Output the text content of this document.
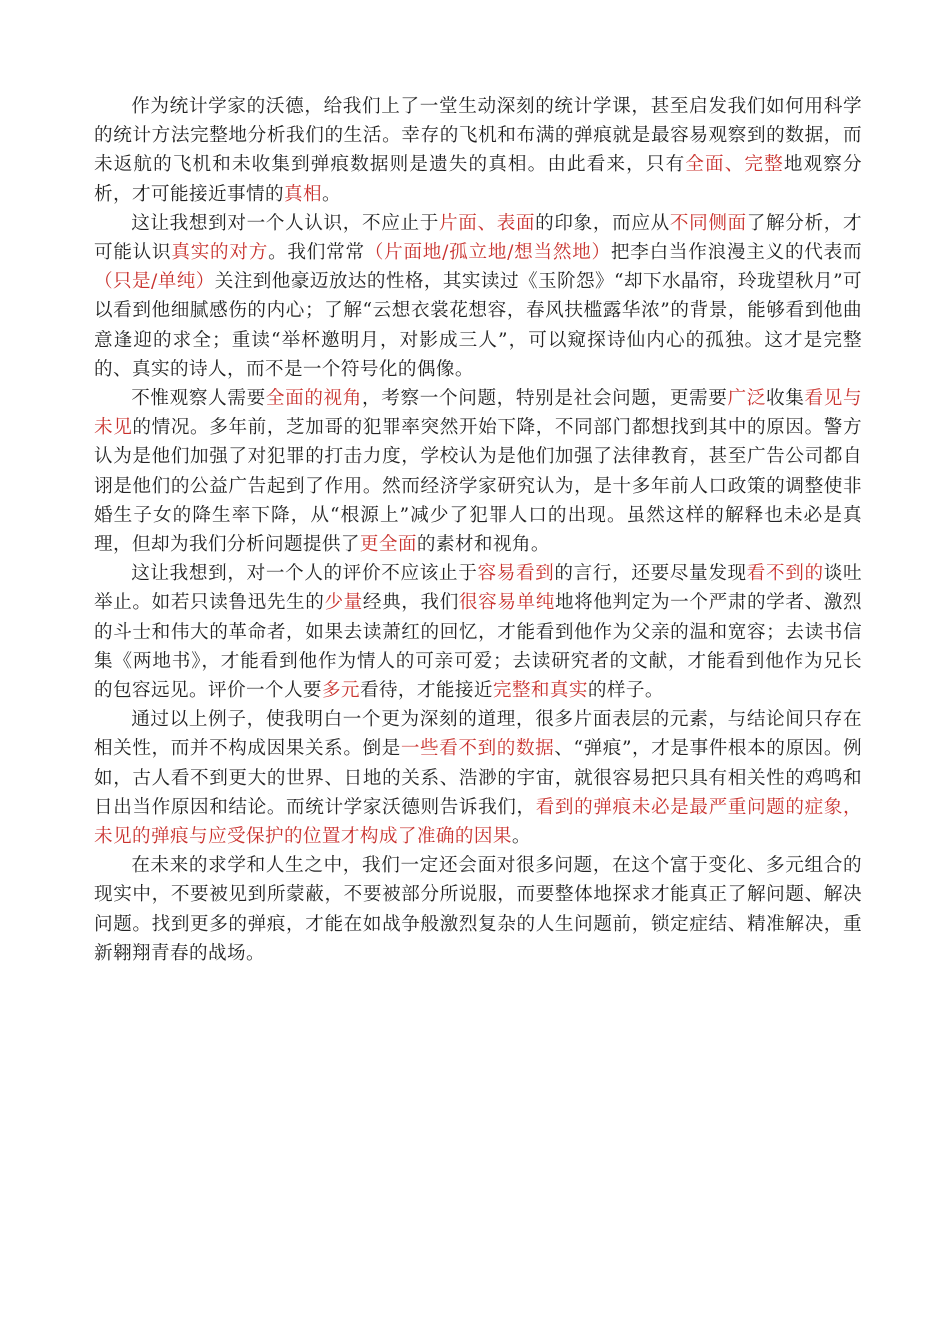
作为统计学家的沃德，给我们上了一堂生动深刻的统计学课，甚至启发我们如何用科学的统计方法完整地分析我们的生活。幸存的飞机和布满的弹痕就是最容易观察到的数据，而未返航的飞机和未收集到弹痕数据则是遗失的真相。由此看来，只有全面、完整地观察分析，才可能接近事情的真相。

这让我想到对一个人认识，不应止于片面、表面的印象，而应从不同侧面了解分析，才可能认识真实的对方。我们常常（片面地/孤立地/想当然地）把李白当作浪漫主义的代表而（只是/单纯）关注到他豪迈放达的性格，其实读过《玉阶怨》“却下水晶帘，玲珑望秋月”可以看到他细腻感伤的内心；了解“云想衣裳花想容，春风扶槛露华浓”的背景，能够看到他曲意逢迎的求全；重读“举杯邀明月，对影成三人”，可以窥探诗仙内心的孤独。这才是完整的、真实的诗人，而不是一个符号化的偶像。

不惟观察人需要全面的视角，考察一个问题，特别是社会问题，更需要广泛收集看见与未见的情况。多年前，芝加哥的犯罪率突然开始下降，不同部门都想找到其中的原因。警方认为是他们加强了对犯罪的打击力度，学校认为是他们加强了法律教育，甚至广告公司都自诩是他们的公益广告起到了作用。然而经济学家研究认为，是十多年前人口政策的调整使非婚生子女的降生率下降，从“根源上”减少了犯罪人口的出现。虽然这样的解释也未必是真理，但却为我们分析问题提供了更全面的素材和视角。

这让我想到，对一个人的评价不应该止于容易看到的言行，还要尽量发现看不到的谈吐举止。如若只读鲁迅先生的少量经典，我们很容易单纯地将他判定为一个严肃的学者、激烈的斗士和伟大的革命者，如果去读萧红的回忆，才能看到他作为父亲的温和宽容；去读书信集《两地书》，才能看到他作为情人的可亲可爱；去读研究者的文献，才能看到他作为兄长的包容远见。评价一个人要多元看待，才能接近完整和真实的样子。

通过以上例子，使我明白一个更为深刻的道理，很多片面表层的元素，与结论间只存在相关性，而并不构成因果关系。倒是一些看不到的数据、“弹痕”，才是事件根本的原因。例如，古人看不到更大的世界、日地的关系、浩渺的宇宙，就很容易把只具有相关性的鸡鸣和日出当作原因和结论。而统计学家沃德则告诉我们，看到的弹痕未必是最严重问题的症象，未见的弹痕与应受保护的位置才构成了准确的因果。

在未来的求学和人生之中，我们一定还会面对很多问题，在这个富于变化、多元组合的现实中，不要被见到所蒙蔽，不要被部分所说服，而要整体地探求才能真正了解问题、解决问题。找到更多的弹痕，才能在如战争般激烈复杂的人生问题前，锁定症结、精准解决，重新翱翔青春的战场。
